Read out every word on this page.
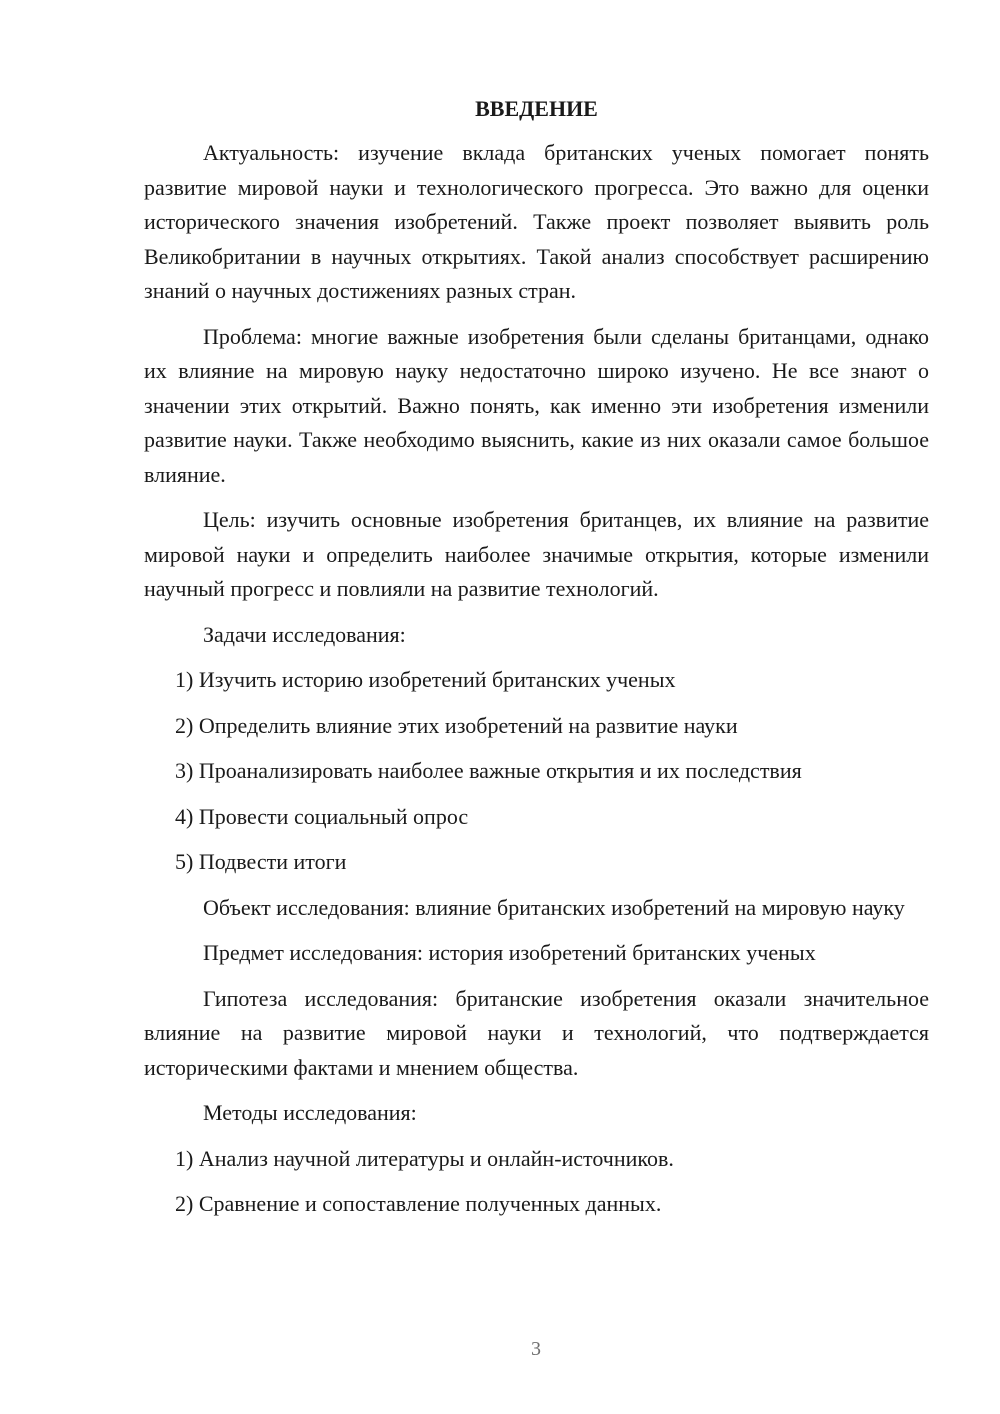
ВВЕДЕНИЕ

Актуальность: изучение вклада британских ученых помогает понять развитие мировой науки и технологического прогресса. Это важно для оценки исторического значения изобретений. Также проект позволяет выявить роль Великобритании в научных открытиях. Такой анализ способствует расширению знаний о научных достижениях разных стран.

Проблема: многие важные изобретения были сделаны британцами, однако их влияние на мировую науку недостаточно широко изучено. Не все знают о значении этих открытий. Важно понять, как именно эти изобретения изменили развитие науки. Также необходимо выяснить, какие из них оказали самое большое влияние.

Цель: изучить основные изобретения британцев, их влияние на развитие мировой науки и определить наиболее значимые открытия, которые изменили научный прогресс и повлияли на развитие технологий.

Задачи исследования:

1) Изучить историю изобретений британских ученых

2) Определить влияние этих изобретений на развитие науки

3) Проанализировать наиболее важные открытия и их последствия

4) Провести социальный опрос

5) Подвести итоги

Объект исследования: влияние британских изобретений на мировую науку

Предмет исследования: история изобретений британских ученых

Гипотеза исследования: британские изобретения оказали значительное влияние на развитие мировой науки и технологий, что подтверждается историческими фактами и мнением общества.

Методы исследования:

1) Анализ научной литературы и онлайн-источников.

2) Сравнение и сопоставление полученных данных.

3
